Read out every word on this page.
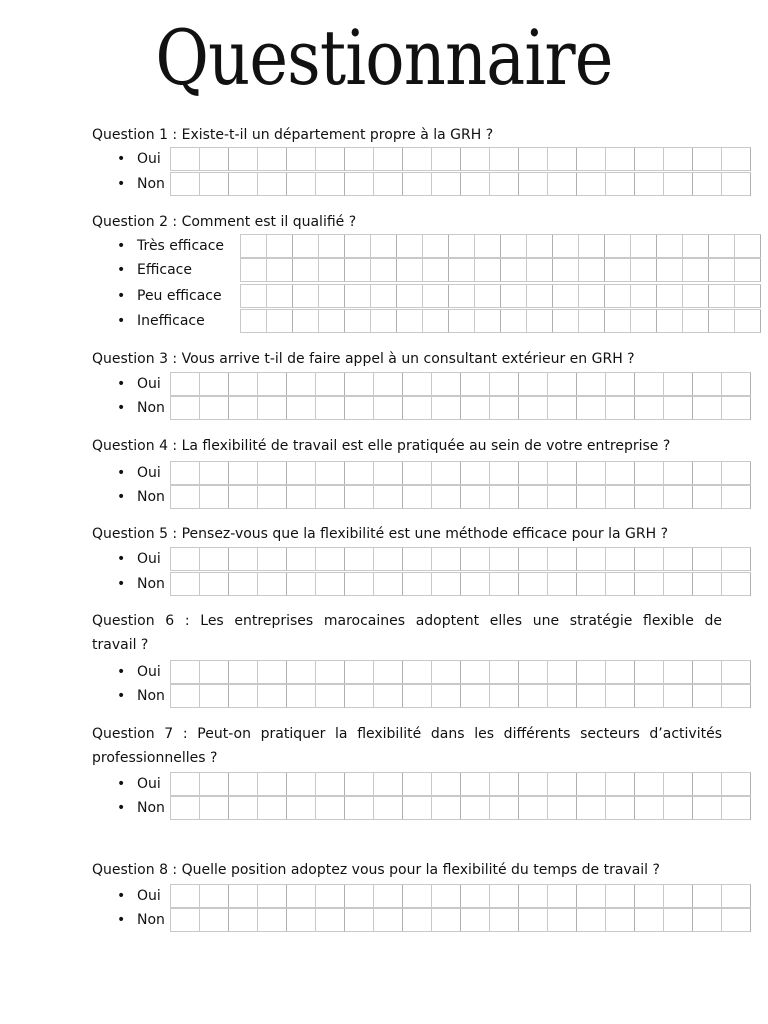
Questionnaire
Question 1 : Existe-t-il un département propre à la GRH ?
• Oui
• Non
Question 2 : Comment est il qualifié ?
• Très efficace
• Efficace
• Peu efficace
• Inefficace
Question 3 : Vous arrive t-il de faire appel à un consultant extérieur en GRH ?
• Oui
• Non
Question 4 : La flexibilité de travail est elle pratiquée au sein de votre entreprise ?
• Oui
• Non
Question 5 : Pensez-vous que la flexibilité est une méthode efficace pour la GRH ?
• Oui
• Non
Question 6 : Les entreprises marocaines adoptent elles une stratégie flexible de
travail ?
• Oui
• Non
Question 7 : Peut-on pratiquer la flexibilité dans les différents secteurs d’activités
professionnelles ?
• Oui
• Non
Question 8 : Quelle position adoptez vous pour la flexibilité du temps de travail ?
• Oui
• Non
